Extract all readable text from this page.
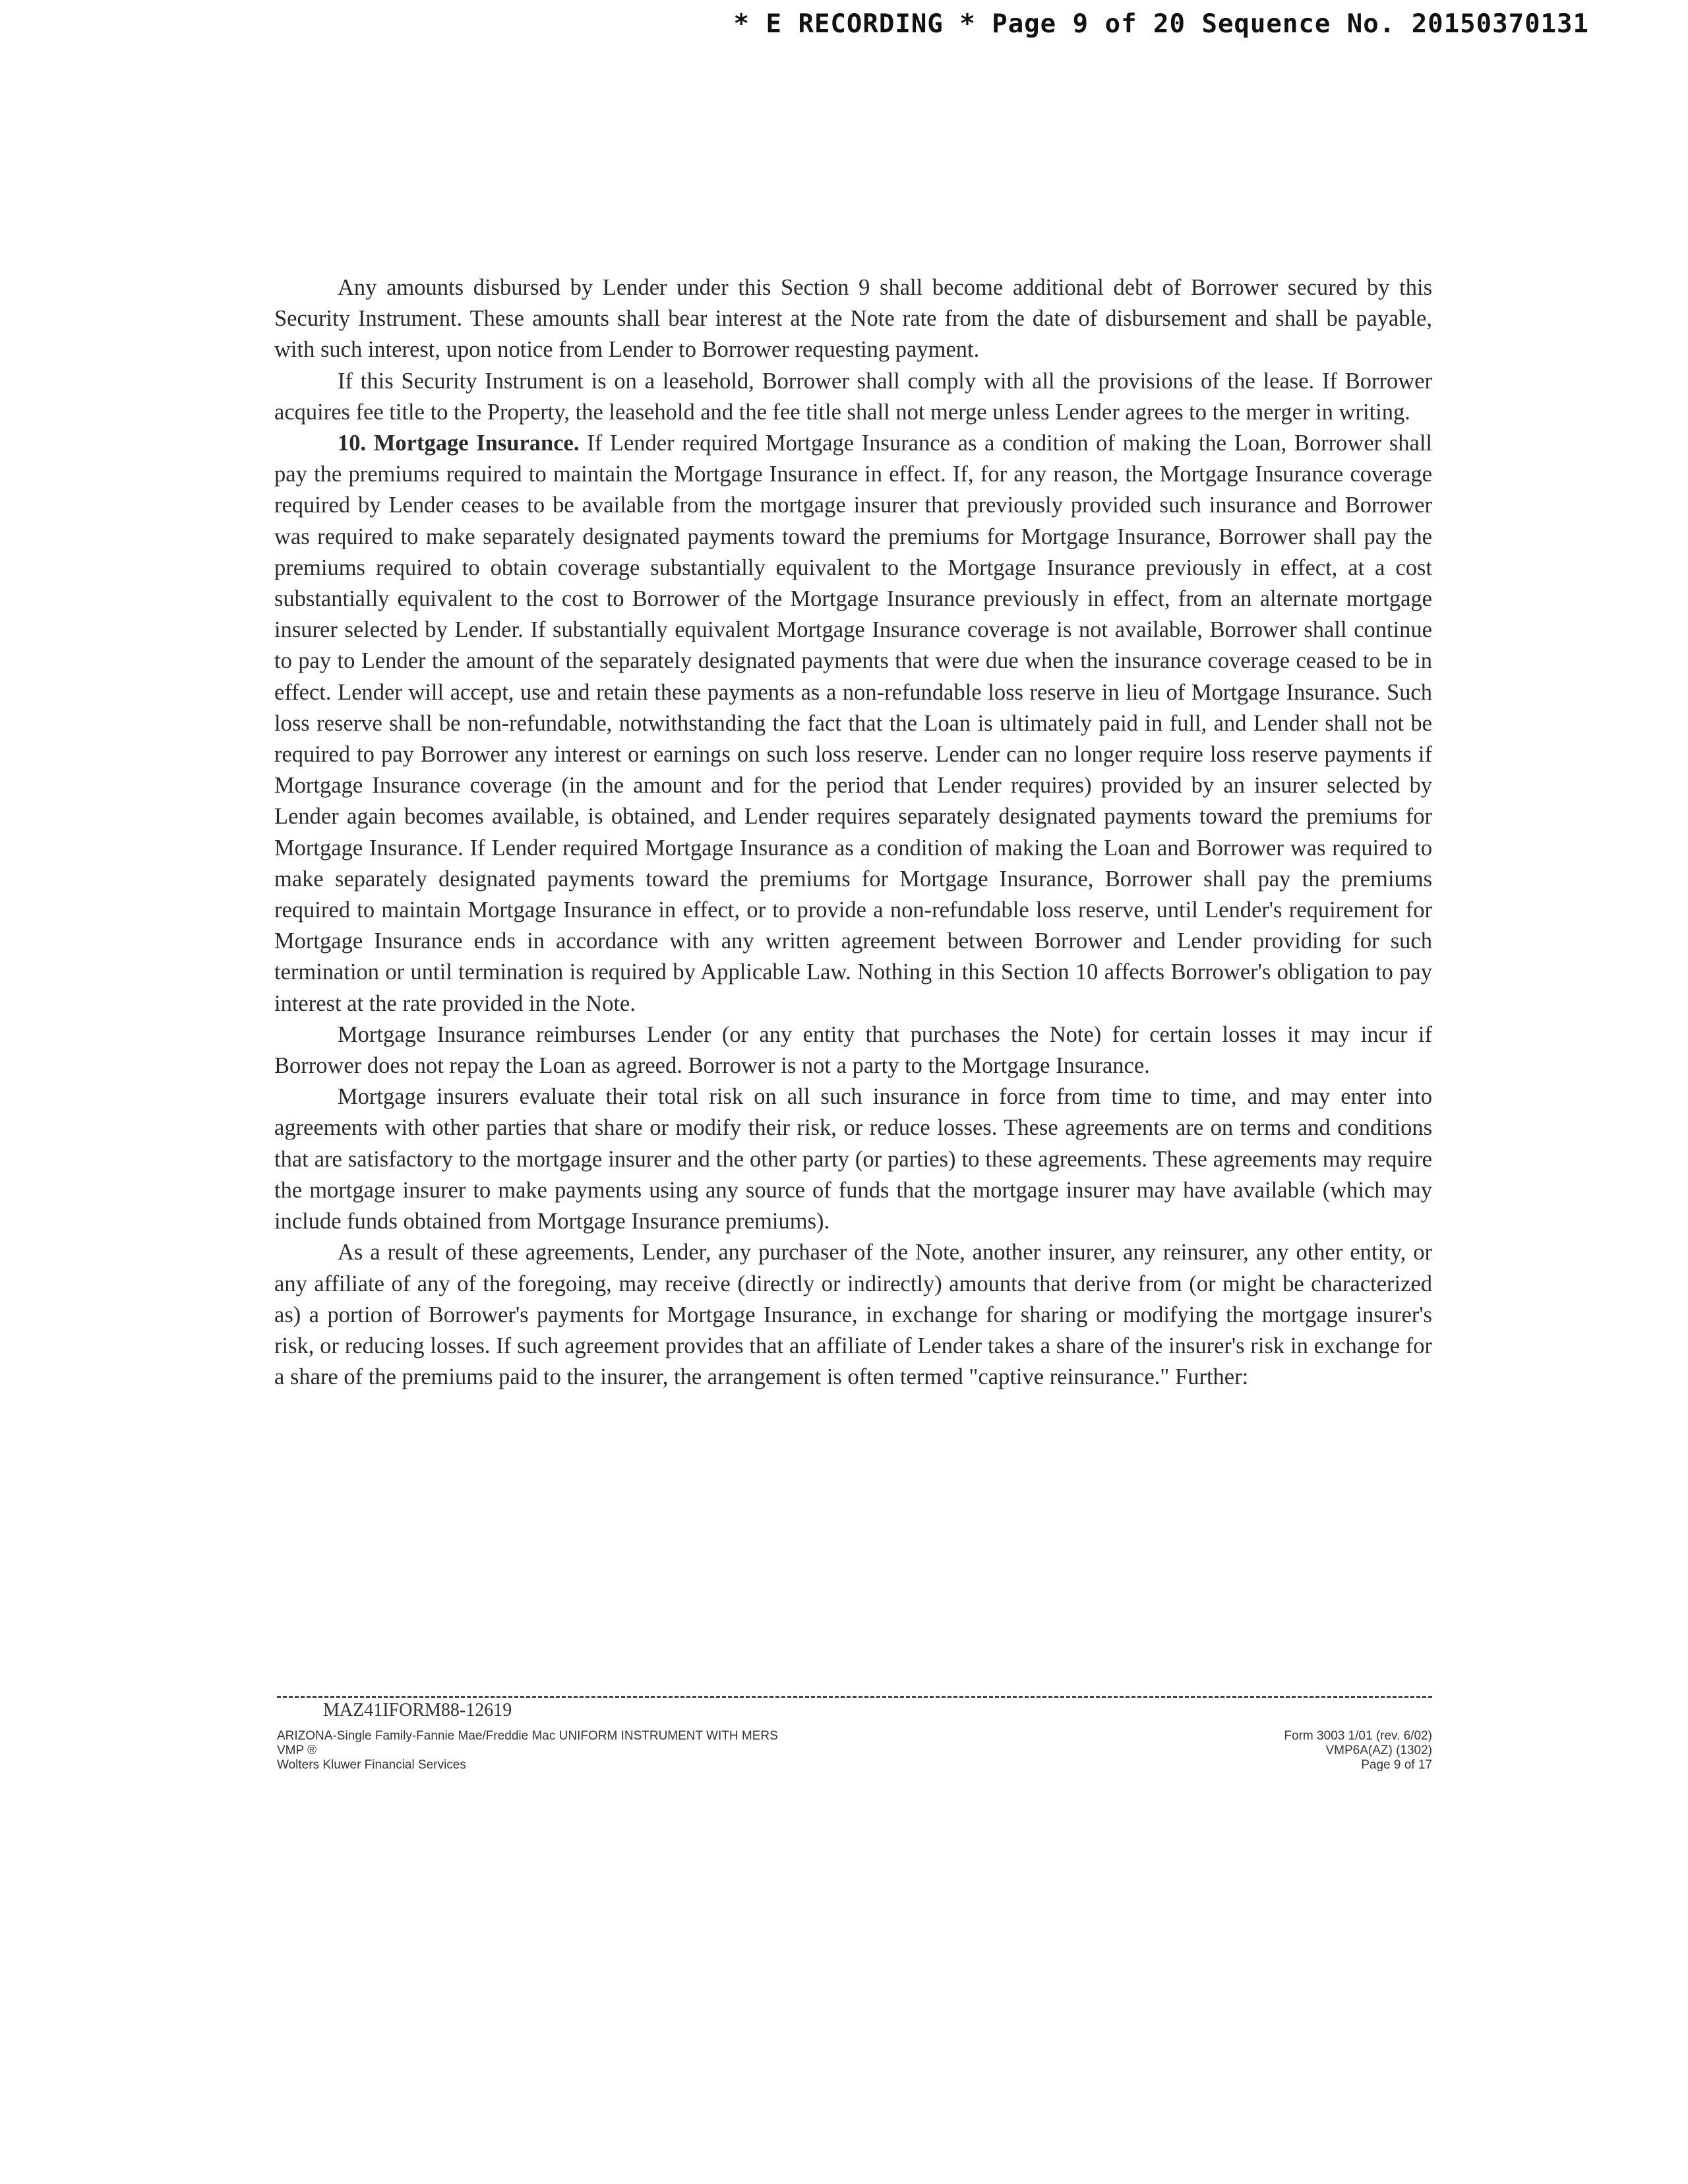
* E RECORDING * Page 9 of 20 Sequence No. 20150370131

Any amounts disbursed by Lender under this Section 9 shall become additional debt of Borrower secured by this Security Instrument. These amounts shall bear interest at the Note rate from the date of disbursement and shall be payable, with such interest, upon notice from Lender to Borrower requesting payment.

If this Security Instrument is on a leasehold, Borrower shall comply with all the provisions of the lease. If Borrower acquires fee title to the Property, the leasehold and the fee title shall not merge unless Lender agrees to the merger in writing.

10. Mortgage Insurance. If Lender required Mortgage Insurance as a condition of making the Loan, Borrower shall pay the premiums required to maintain the Mortgage Insurance in effect. If, for any reason, the Mortgage Insurance coverage required by Lender ceases to be available from the mortgage insurer that previously provided such insurance and Borrower was required to make separately designated payments toward the premiums for Mortgage Insurance, Borrower shall pay the premiums required to obtain coverage substantially equivalent to the Mortgage Insurance previously in effect, at a cost substantially equivalent to the cost to Borrower of the Mortgage Insurance previously in effect, from an alternate mortgage insurer selected by Lender. If substantially equivalent Mortgage Insurance coverage is not available, Borrower shall continue to pay to Lender the amount of the separately designated payments that were due when the insurance coverage ceased to be in effect. Lender will accept, use and retain these payments as a non-refundable loss reserve in lieu of Mortgage Insurance. Such loss reserve shall be non-refundable, notwithstanding the fact that the Loan is ultimately paid in full, and Lender shall not be required to pay Borrower any interest or earnings on such loss reserve. Lender can no longer require loss reserve payments if Mortgage Insurance coverage (in the amount and for the period that Lender requires) provided by an insurer selected by Lender again becomes available, is obtained, and Lender requires separately designated payments toward the premiums for Mortgage Insurance. If Lender required Mortgage Insurance as a condition of making the Loan and Borrower was required to make separately designated payments toward the premiums for Mortgage Insurance, Borrower shall pay the premiums required to maintain Mortgage Insurance in effect, or to provide a non-refundable loss reserve, until Lender's requirement for Mortgage Insurance ends in accordance with any written agreement between Borrower and Lender providing for such termination or until termination is required by Applicable Law. Nothing in this Section 10 affects Borrower's obligation to pay interest at the rate provided in the Note.

Mortgage Insurance reimburses Lender (or any entity that purchases the Note) for certain losses it may incur if Borrower does not repay the Loan as agreed. Borrower is not a party to the Mortgage Insurance.

Mortgage insurers evaluate their total risk on all such insurance in force from time to time, and may enter into agreements with other parties that share or modify their risk, or reduce losses. These agreements are on terms and conditions that are satisfactory to the mortgage insurer and the other party (or parties) to these agreements. These agreements may require the mortgage insurer to make payments using any source of funds that the mortgage insurer may have available (which may include funds obtained from Mortgage Insurance premiums).

As a result of these agreements, Lender, any purchaser of the Note, another insurer, any reinsurer, any other entity, or any affiliate of any of the foregoing, may receive (directly or indirectly) amounts that derive from (or might be characterized as) a portion of Borrower's payments for Mortgage Insurance, in exchange for sharing or modifying the mortgage insurer's risk, or reducing losses. If such agreement provides that an affiliate of Lender takes a share of the insurer's risk in exchange for a share of the premiums paid to the insurer, the arrangement is often termed "captive reinsurance." Further:

MAZ41IFORM88-12619
ARIZONA-Single Family-Fannie Mae/Freddie Mac UNIFORM INSTRUMENT WITH MERS
VMP ®
Wolters Kluwer Financial Services
Form 3003 1/01 (rev. 6/02)
VMP6A(AZ) (1302)
Page 9 of 17
